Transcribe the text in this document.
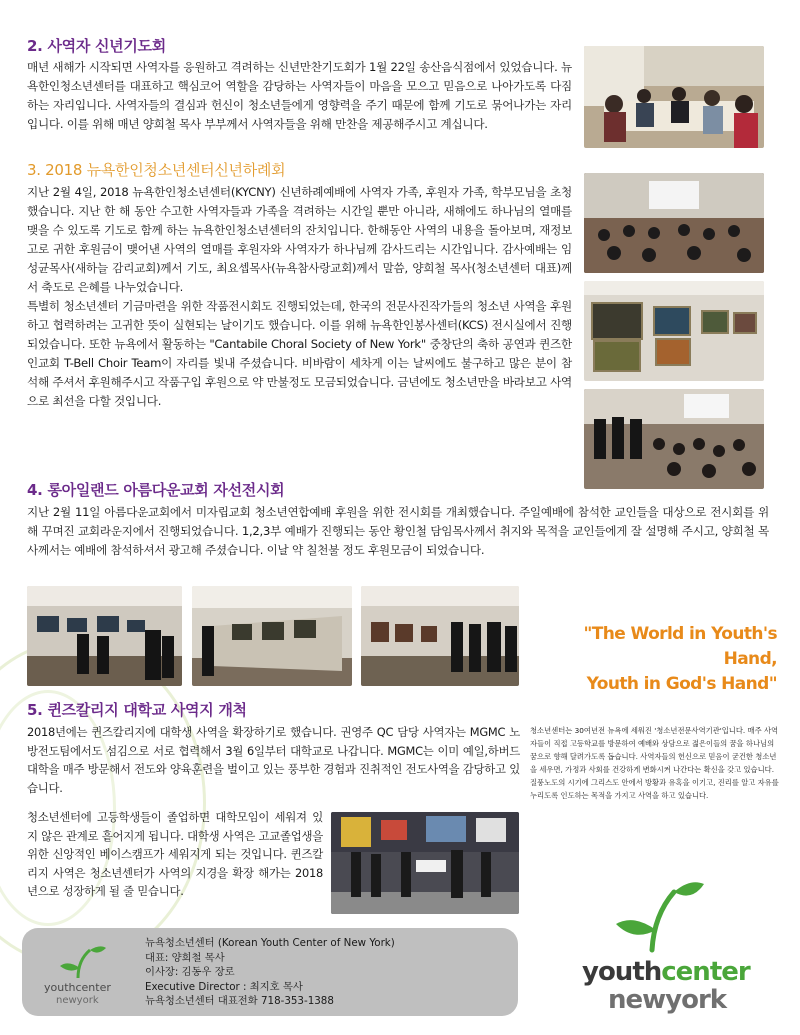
2. 사역자 신년기도회

매년 새해가 시작되면 사역자를 응원하고 격려하는 신년만찬기도회가 1월 22일 송산음식점에서 있었습니다. 뉴욕한인청소년센터를 대표하고 핵심코어 역할을 감당하는 사역자들이 마음을 모으고 믿음으로 나아가도록 다짐하는 자리입니다. 사역자들의 결심과 헌신이 청소년들에게 영향력을 주기 때문에 함께 기도로 묶어나가는 자리입니다. 이를 위해 매년 양희철 목사 부부께서 사역자들을 위해 만찬을 제공해주시고 계십니다.

3. 2018 뉴욕한인청소년센터신년하례회

지난 2월 4일, 2018 뉴욕한인청소년센터(KYCNY) 신년하례예배에 사역자 가족, 후원자 가족, 학부모님을 초청했습니다. 지난 한 해 동안 수고한 사역자들과 가족을 격려하는 시간일 뿐만 아니라, 새해에도 하나님의 열매를 맺을 수 있도록 기도로 함께 하는 뉴욕한인청소년센터의 잔치입니다. 한해동안 사역의 내용을 돌아보며, 재정보고로 귀한 후원금이 맺어낸 사역의 열매를 후원자와 사역자가 하나님께 감사드리는 시간입니다. 감사예배는 임성균목사(새하늘 감리교회)께서 기도, 최요셉목사(뉴욕참사랑교회)께서 말씀, 양희철 목사(청소년센터 대표)께서 축도로 은혜를 나누었습니다.

특별히 청소년센터 기금마련을 위한 작품전시회도 진행되었는데, 한국의 전문사진작가들의 청소년 사역을 후원하고 협력하려는 고귀한 뜻이 실현되는 날이기도 했습니다. 이를 위해 뉴욕한인봉사센터(KCS) 전시실에서 진행되었습니다. 또한 뉴욕에서 활동하는 "Cantabile Choral Society of New York" 중창단의 축하 공연과 퀸즈한인교회 T-Bell Choir Team이 자리를 빛내 주셨습니다. 비바람이 세차게 이는 날씨에도 불구하고 많은 분이 참석해 주셔서 후원해주시고 작품구입 후원으로 약 만불정도 모금되었습니다. 금년에도 청소년만을 바라보고 사역으로 최선을 다할 것입니다.

4. 롱아일랜드 아름다운교회 자선전시회

지난 2월 11일 아름다운교회에서 미자립교회 청소년연합예배 후원을 위한 전시회를 개최했습니다. 주일예배에 참석한 교인들을 대상으로 전시회를 위해 꾸며진 교회라운지에서 진행되었습니다. 1,2,3부 예배가 진행되는 동안 황인철 담임목사께서 취지와 목적을 교인들에게 잘 설명해 주시고, 양희철 목사께서는 예배에 참석하셔서 광고해 주셨습니다. 이날 약 칠천불 정도 후원모금이 되었습니다.

"The World in Youth's Hand,
Youth in God's Hand"
5. 퀸즈칼리지 대학교 사역지 개척

2018년에는 퀸즈칼리지에 대학생 사역을 확장하기로 했습니다. 권영주 QC 담당 사역자는 MGMC 노방전도팀에서도 섬김으로 서로 협력해서 3월 6일부터 대학교로 나갑니다. MGMC는 이미 예일,하버드 대학을 매주 방문해서 전도와 양육훈련을 벌이고 있는 풍부한 경험과 진취적인 전도사역을 감당하고 있습니다.

청소년센터에 고등학생들이 졸업하면 대학모임이 세워져 있지 않은 관계로 흩어지게 됩니다. 대학생 사역은 고교졸업생을 위한 신앙적인 베이스캠프가 세워지게 되는 것입니다. 퀸즈칼리지 사역은 청소년센터가 사역의 지경을 확장 해가는 2018년으로 성장하게 될 줄 믿습니다.

청소년센터는 30여년전 뉴욕에 세워진 '청소년전문사역기관'입니다. 매주 사역자들이 직접 고등학교를 방문하여 예배와 상담으로 젊은이들의 꿈을 하나님의 꿈으로 향해 달려가도록 돕습니다. 사역자들의 헌신으로 믿음이 굳건한 청소년을 세우면, 가정과 사회를 건강하게 변화시켜 나간다는 확신을 갖고 있습니다. 질풍노도의 시기에 그리스도 안에서 방황과 유혹을 이기고, 진리를 알고 자유를 누리도록 인도하는 목적을 가지고 사역을 하고 있습니다.
youthcenter
newyork
뉴욕청소년센터 (Korean Youth Center of New York)
대표: 양희철 목사
이사장: 김동우 장로
Executive Director : 최지호 목사
뉴욕청소년센터 대표전화 718-353-1388
youthcenter
newyork
